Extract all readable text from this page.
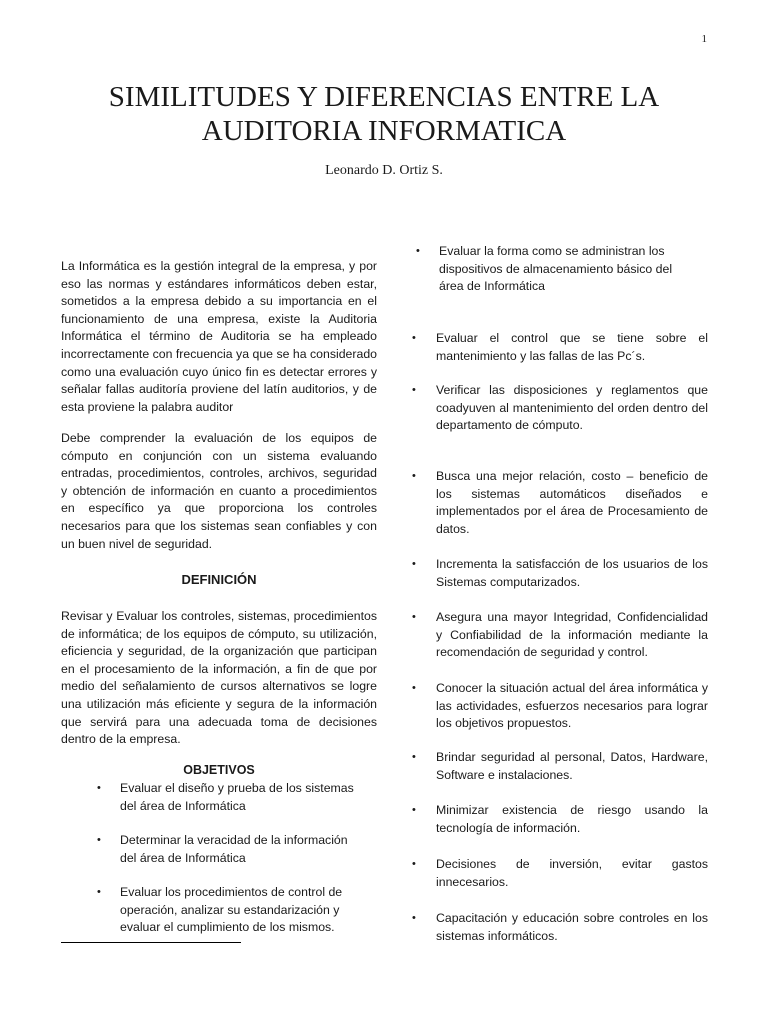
1
SIMILITUDES Y DIFERENCIAS ENTRE LA AUDITORIA INFORMATICA
Leonardo D. Ortiz S.
La Informática es la gestión integral de la empresa, y por eso las normas y estándares informáticos deben estar, sometidos a la empresa debido a su importancia en el funcionamiento de una empresa, existe la Auditoria Informática el término de Auditoria se ha empleado incorrectamente con frecuencia ya que se ha considerado como una evaluación cuyo único fin es detectar errores y señalar fallas auditoría proviene del latín auditorios, y de esta proviene la palabra auditor
Debe comprender la evaluación de los equipos de cómputo en conjunción con un sistema evaluando entradas, procedimientos, controles, archivos, seguridad y obtención de información en cuanto a procedimientos en específico ya que proporciona los controles necesarios para que los sistemas sean confiables y con un buen nivel de seguridad.
DEFINICIÓN
Revisar y Evaluar los controles, sistemas, procedimientos de informática; de los equipos de cómputo, su utilización, eficiencia y seguridad, de la organización que participan en el procesamiento de la información, a fin de que por medio del señalamiento de cursos alternativos se logre una utilización más eficiente y segura de la información que servirá para una adecuada toma de decisiones dentro de la empresa.
OBJETIVOS
• Evaluar el diseño y prueba de los sistemas del área de Informática
• Determinar la veracidad de la información del área de Informática
• Evaluar los procedimientos de control de operación, analizar su estandarización y evaluar el cumplimiento de los mismos.
• Evaluar la forma como se administran los dispositivos de almacenamiento básico del área de Informática
• Evaluar el control que se tiene sobre el mantenimiento y las fallas de las Pc´s.
• Verificar las disposiciones y reglamentos que coadyuven al mantenimiento del orden dentro del departamento de cómputo.
• Busca una mejor relación, costo – beneficio de los sistemas automáticos diseñados e implementados por el área de Procesamiento de datos.
• Incrementa la satisfacción de los usuarios de los Sistemas computarizados.
• Asegura una mayor Integridad, Confidencialidad y Confiabilidad de la información mediante la recomendación de seguridad y control.
• Conocer la situación actual del área informática y las actividades, esfuerzos necesarios para lograr los objetivos propuestos.
• Brindar seguridad al personal, Datos, Hardware, Software e instalaciones.
• Minimizar existencia de riesgo usando la tecnología de información.
• Decisiones de inversión, evitar gastos innecesarios.
• Capacitación y educación sobre controles en los sistemas informáticos.
